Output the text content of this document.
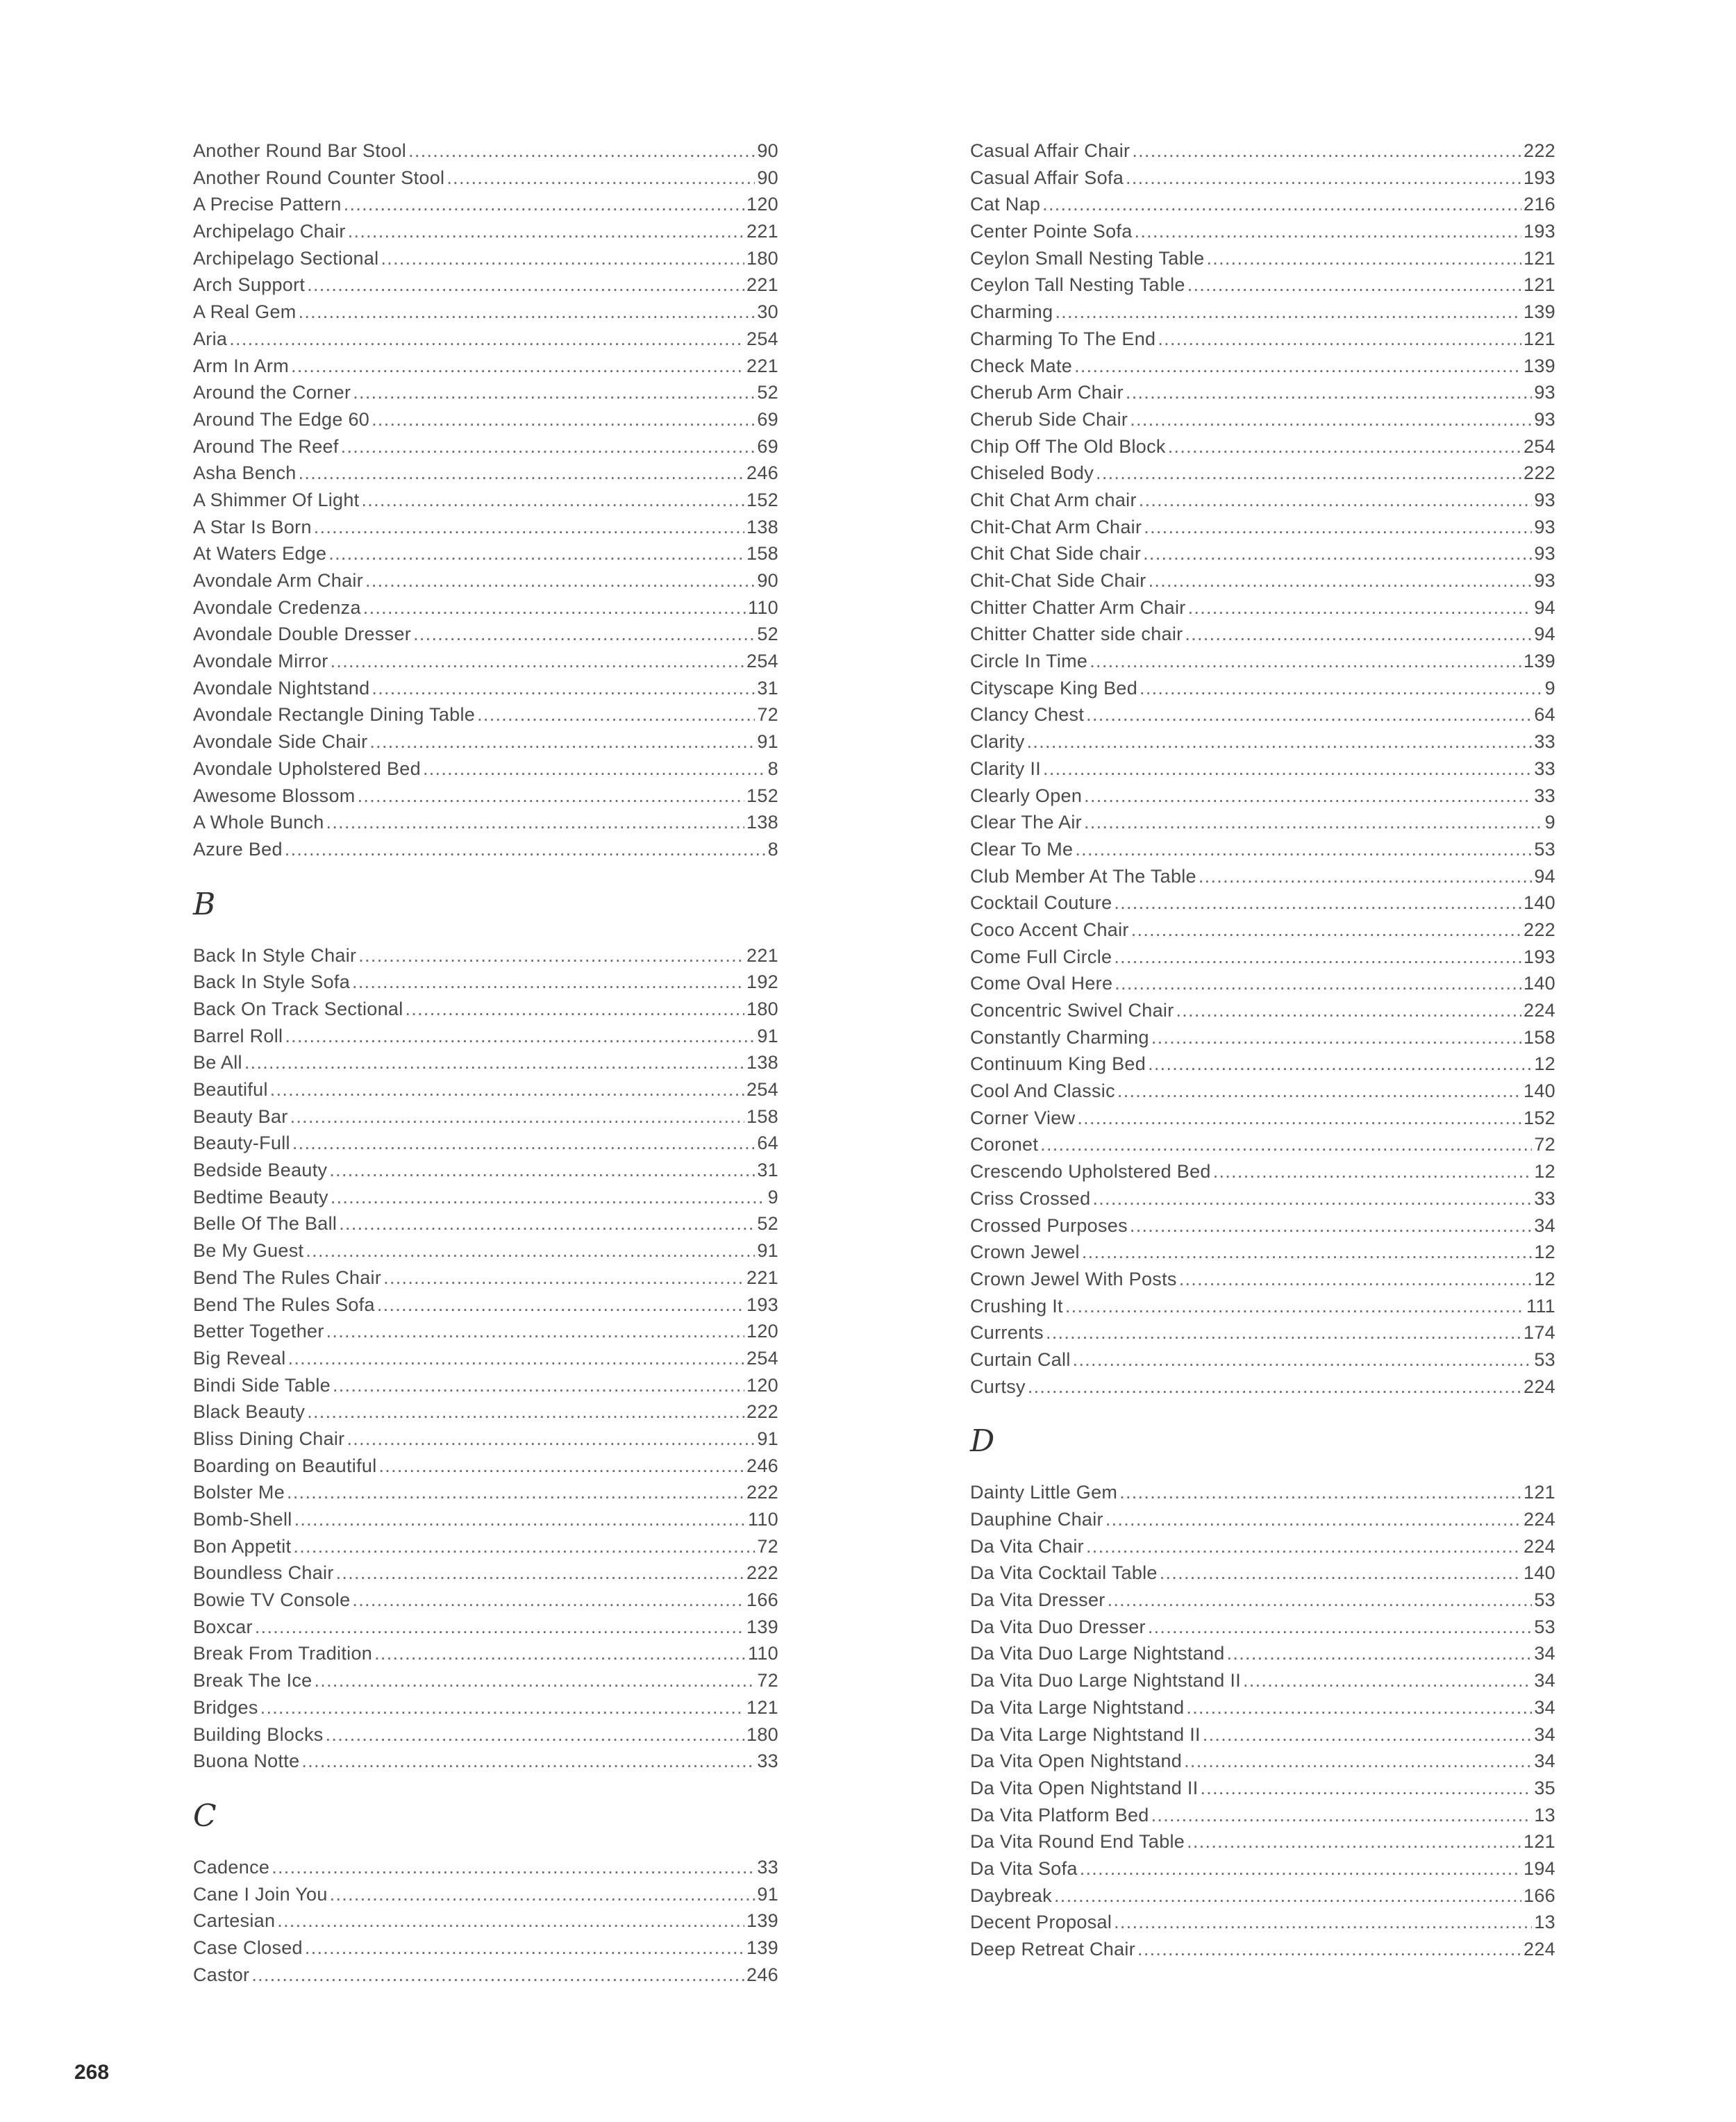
Another Round Bar Stool .....	90
Another Round Counter Stool .....	90
A Precise Pattern .....	120
Archipelago Chair .....	221
Archipelago Sectional .....	180
Arch Support .....	221
A Real Gem .....	30
Aria .....	254
Arm In Arm .....	221
Around the Corner .....	52
Around The Edge 60 .....	69
Around The Reef .....	69
Asha Bench .....	246
A Shimmer Of Light .....	152
A Star Is Born .....	138
At Waters Edge .....	158
Avondale Arm Chair .....	90
Avondale Credenza .....	110
Avondale Double Dresser .....	52
Avondale Mirror .....	254
Avondale Nightstand .....	31
Avondale Rectangle Dining Table .....	72
Avondale Side Chair .....	91
Avondale Upholstered Bed .....	8
Awesome Blossom .....	152
A Whole Bunch .....	138
Azure Bed .....	8
B
Back In Style Chair .....	221
Back In Style Sofa .....	192
Back On Track Sectional .....	180
Barrel Roll .....	91
Be All .....	138
Beautiful .....	254
Beauty Bar .....	158
Beauty-Full .....	64
Bedside Beauty .....	31
Bedtime Beauty .....	9
Belle Of The Ball .....	52
Be My Guest .....	91
Bend The Rules Chair .....	221
Bend The Rules Sofa .....	193
Better Together .....	120
Big Reveal .....	254
Bindi Side Table .....	120
Black Beauty .....	222
Bliss Dining Chair .....	91
Boarding on Beautiful .....	246
Bolster Me .....	222
Bomb-Shell .....	110
Bon Appetit .....	72
Boundless Chair .....	222
Bowie TV Console .....	166
Boxcar .....	139
Break From Tradition .....	110
Break The Ice .....	72
Bridges .....	121
Building Blocks .....	180
Buona Notte .....	33
C
Cadence .....	33
Cane I Join You .....	91
Cartesian .....	139
Case Closed .....	139
Castor .....	246
Casual Affair Chair .....	222
Casual Affair Sofa .....	193
Cat Nap .....	216
Center Pointe Sofa .....	193
Ceylon Small Nesting Table .....	121
Ceylon Tall Nesting Table .....	121
Charming .....	139
Charming To The End .....	121
Check Mate .....	139
Cherub Arm Chair .....	93
Cherub Side Chair .....	93
Chip Off The Old Block .....	254
Chiseled Body .....	222
Chit Chat Arm chair .....	93
Chit-Chat Arm Chair .....	93
Chit Chat Side chair .....	93
Chit-Chat Side Chair .....	93
Chitter Chatter Arm Chair .....	94
Chitter Chatter side chair .....	94
Circle In Time .....	139
Cityscape King Bed .....	9
Clancy Chest .....	64
Clarity .....	33
Clarity II .....	33
Clearly Open .....	33
Clear The Air .....	9
Clear To Me .....	53
Club Member At The Table .....	94
Cocktail Couture .....	140
Coco Accent Chair .....	222
Come Full Circle .....	193
Come Oval Here .....	140
Concentric Swivel Chair .....	224
Constantly Charming .....	158
Continuum King Bed .....	12
Cool And Classic .....	140
Corner View .....	152
Coronet .....	72
Crescendo Upholstered Bed .....	12
Criss Crossed .....	33
Crossed Purposes .....	34
Crown Jewel .....	12
Crown Jewel With Posts .....	12
Crushing It .....	111
Currents .....	174
Curtain Call .....	53
Curtsy .....	224
D
Dainty Little Gem .....	121
Dauphine Chair .....	224
Da Vita Chair .....	224
Da Vita Cocktail Table .....	140
Da Vita Dresser .....	53
Da Vita Duo Dresser .....	53
Da Vita Duo Large Nightstand .....	34
Da Vita Duo Large Nightstand II .....	34
Da Vita Large Nightstand .....	34
Da Vita Large Nightstand II .....	34
Da Vita Open Nightstand .....	34
Da Vita Open Nightstand II .....	35
Da Vita Platform Bed .....	13
Da Vita Round End Table .....	121
Da Vita Sofa .....	194
Daybreak .....	166
Decent Proposal .....	13
Deep Retreat Chair .....	224
268
